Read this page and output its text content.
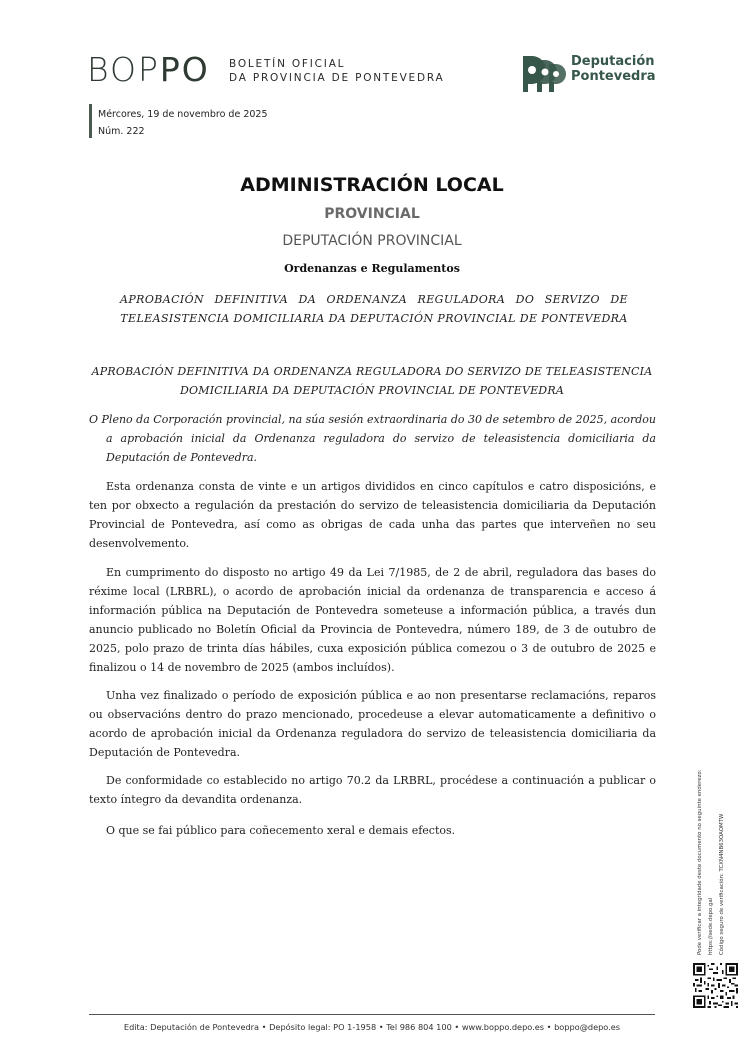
BOPPO BOLETÍN OFICIAL
DA PROVINCIA DE PONTEVEDRA
Deputación
Pontevedra
Mércores, 19 de novembro de 2025
Núm. 222
ADMINISTRACIÓN LOCAL
PROVINCIAL
DEPUTACIÓN PROVINCIAL
Ordenanzas e Regulamentos
APROBACIÓN DEFINITIVA DA ORDENANZA REGULADORA DO SERVIZO DE TELEASISTENCIA DOMICILIARIA DA DEPUTACIÓN PROVINCIAL DE PONTEVEDRA
APROBACIÓN DEFINITIVA DA ORDENANZA REGULADORA DO SERVIZO DE TELEASISTENCIA DOMICILIARIA DA DEPUTACIÓN PROVINCIAL DE PONTEVEDRA
O Pleno da Corporación provincial, na súa sesión extraordinaria do 30 de setembro de 2025, acordou a aprobación inicial da Ordenanza reguladora do servizo de teleasistencia domiciliaria da Deputación de Pontevedra.

Esta ordenanza consta de vinte e un artigos divididos en cinco capítulos e catro disposicións, e ten por obxecto a regulación da prestación do servizo de teleasistencia domiciliaria da Deputación Provincial de Pontevedra, así como as obrigas de cada unha das partes que interveñen no seu desenvolvemento.

En cumprimento do disposto no artigo 49 da Lei 7/1985, de 2 de abril, reguladora das bases do réxime local (LRBRL), o acordo de aprobación inicial da ordenanza de transparencia e acceso á información pública na Deputación de Pontevedra someteuse a información pública, a través dun anuncio publicado no Boletín Oficial da Provincia de Pontevedra, número 189, de 3 de outubro de 2025, polo prazo de trinta días hábiles, cuxa exposición pública comezou o 3 de outubro de 2025 e finalizou o 14 de novembro de 2025 (ambos incluídos).

Unha vez finalizado o período de exposición pública e ao non presentarse reclamacións, reparos ou observacións dentro do prazo mencionado, procedeuse a elevar automaticamente a definitivo o acordo de aprobación inicial da Ordenanza reguladora do servizo de teleasistencia domiciliaria da Deputación de Pontevedra.

De conformidade co establecido no artigo 70.2 da LRBRL, procédese a continuación a publicar o texto íntegro da devandita ordenanza.

O que se fai público para coñecemento xeral e demais efectos.	Pode verificar a integridade deste documento no seguinte enderezo: https://sede.depo.gal Código seguro de verificación: TCXN4NB63OAOMTW
Edita: Deputación de Pontevedra • Depósito legal: PO 1-1958 • Tel 986 804 100 • www.boppo.depo.es • boppo@depo.es
